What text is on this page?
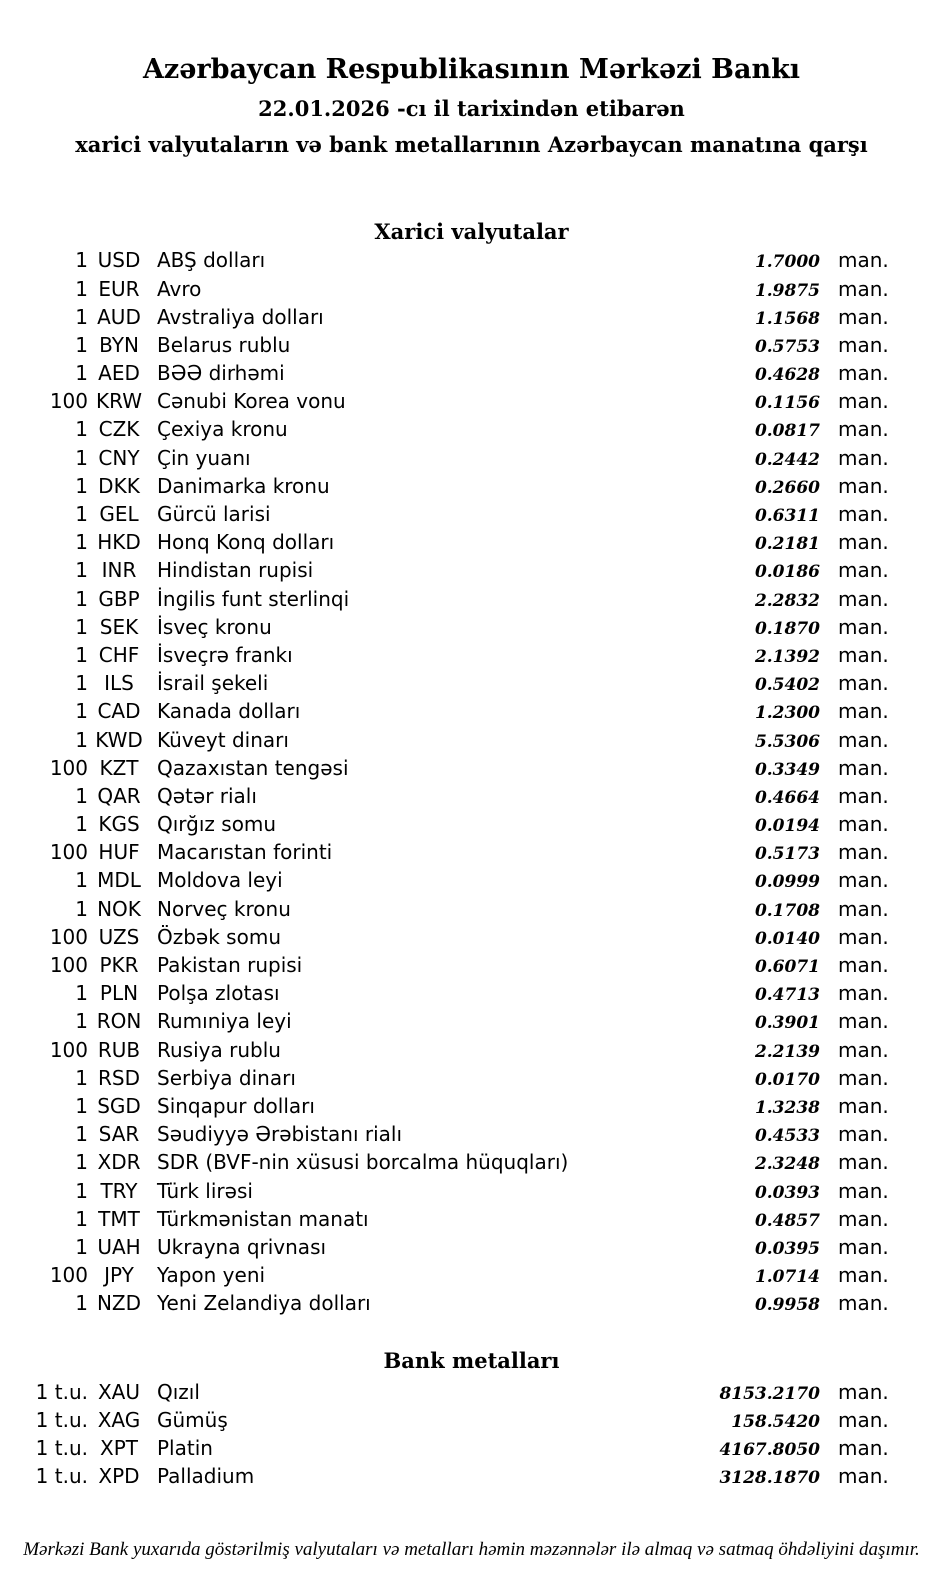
Azərbaycan Respublikasının Mərkəzi Bankı
22.01.2026 -cı il tarixindən etibarən
xarici valyutaların və bank metallarının Azərbaycan manatına qarşı
Xarici valyutalar
1 USD ABŞ dolları	1.7000 man.
1 EUR Avro	1.9875 man.
1 AUD Avstraliya dolları	1.1568 man.
1 BYN Belarus rublu	0.5753 man.
1 AED BƏƏ dirhəmi	0.4628 man.
100 KRW Cənubi Korea vonu	0.1156 man.
1 CZK Çexiya kronu	0.0817 man.
1 CNY Çin yuanı	0.2442 man.
1 DKK Danimarka kronu	0.2660 man.
1 GEL Gürcü larisi	0.6311 man.
1 HKD Honq Konq dolları	0.2181 man.
1 INR	Hindistan rupisi	0.0186 man.
1 GBP İngilis funt sterlinqi	2.2832 man.
1 SEK İsveç kronu	0.1870 man.
1 CHF İsveçrə frankı	2.1392 man.
1 ILS	İsrail şekeli	0.5402 man.
1 CAD Kanada dolları	1.2300 man.
1 KWD Küveyt dinarı	5.5306 man.
100 KZT Qazaxıstan tengəsi	0.3349 man.
1 QAR Qətər rialı	0.4664 man.
1 KGS Qırğız somu	0.0194 man.
100 HUF Macarıstan forinti	0.5173 man.
1 MDL Moldova leyi	0.0999 man.
1 NOK Norveç kronu	0.1708 man.
100 UZS Özbək somu	0.0140 man.
100 PKR Pakistan rupisi	0.6071 man.
1 PLN Polşa zlotası	0.4713 man.
1 RON Rumıniya leyi	0.3901 man.
100 RUB Rusiya rublu	2.2139 man.
1 RSD Serbiya dinarı	0.0170 man.
1 SGD Sinqapur dolları	1.3238 man.
1 SAR Səudiyyə Ərəbistanı rialı	0.4533 man.
1 XDR SDR (BVF-nin xüsusi borcalma hüquqları)	2.3248 man.
1 TRY Türk lirəsi	0.0393 man.
1 TMT Türkmənistan manatı	0.4857 man.
1 UAH Ukrayna qrivnası	0.0395 man.
100 JPY	Yapon yeni	1.0714 man.
1 NZD Yeni Zelandiya dolları	0.9958 man.
Bank metalları
1 t.u. XAU Qızıl	8153.2170 man.
1 t.u. XAG Gümüş	158.5420 man.
1 t.u. XPT Platin	4167.8050 man.
1 t.u. XPD Palladium	3128.1870 man.
Mərkəzi Bank yuxarıda göstərilmiş valyutaları və metalları həmin məzənnələr ilə almaq və satmaq öhdəliyini daşımır.
